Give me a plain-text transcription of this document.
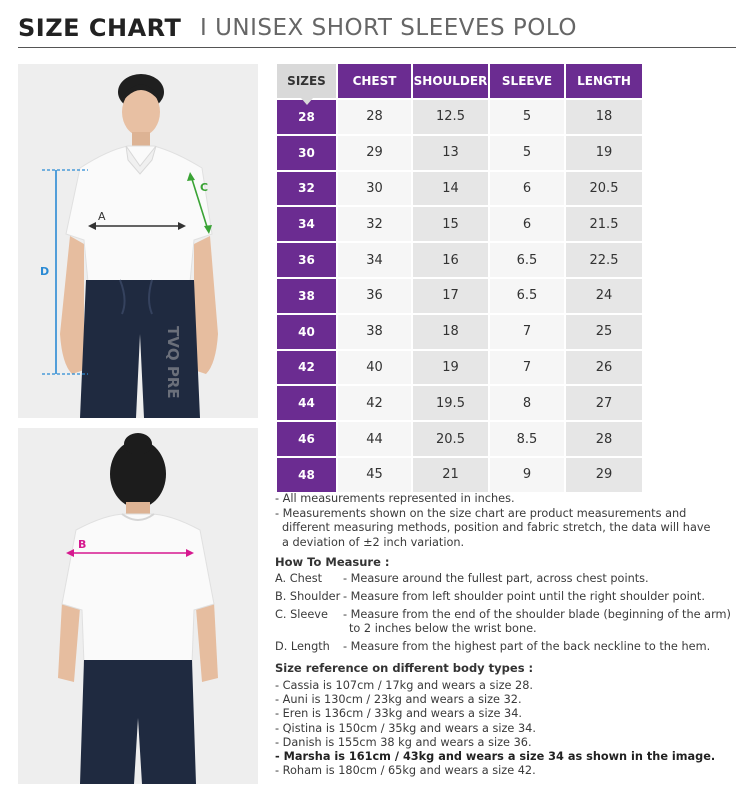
SIZE CHART I UNISEX SHORT SLEEVES POLO
TVQ PRE
A
C
D
B
SIZES	CHEST	SHOULDER	SLEEVE	LENGTH
28	28	12.5	5	18
30	29	13	5	19
32	30	14	6	20.5
34	32	15	6	21.5
36	34	16	6.5	22.5
38	36	17	6.5	24
40	38	18	7	25
42	40	19	7	26
44	42	19.5	8	27
46	44	20.5	8.5	28
48	45	21	9	29
- All measurements represented in inches.
- Measurements shown on the size chart are product measurements and
different measuring methods, position and fabric stretch, the data will have
a deviation of ±2 inch variation.
How To Measure :
A. Chest - Measure around the fullest part, across chest points.
B. Shoulder - Measure from left shoulder point until the right shoulder point.
C. Sleeve - Measure from the end of the shoulder blade (beginning of the arm)
to 2 inches below the wrist bone.
D. Length - Measure from the highest part of the back neckline to the hem.
Size reference on different body types :
- Cassia is 107cm / 17kg and wears a size 28.
- Auni is 130cm / 23kg and wears a size 32.
- Eren is 136cm / 33kg and wears a size 34.
- Qistina is 150cm / 35kg and wears a size 34.
- Danish is 155cm 38 kg and wears a size 36.
- Marsha is 161cm / 43kg and wears a size 34 as shown in the image.
- Roham is 180cm / 65kg and wears a size 42.
